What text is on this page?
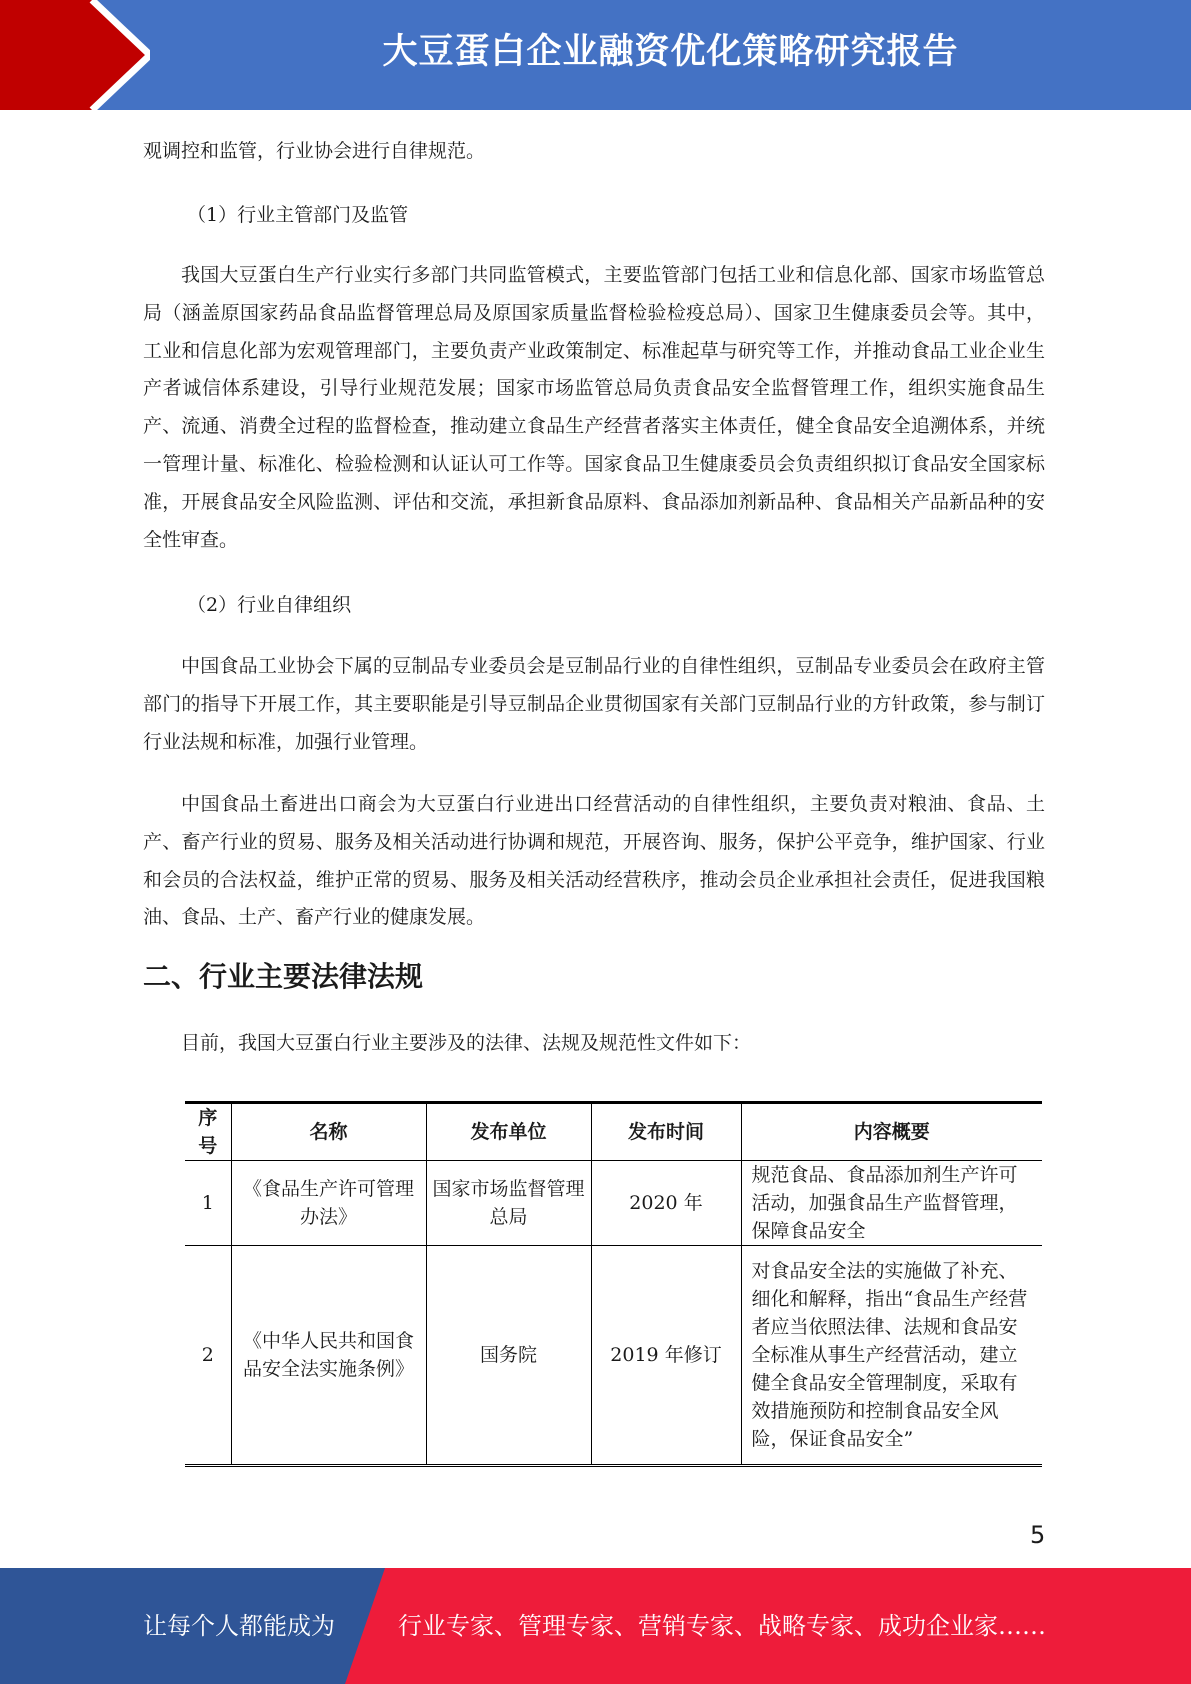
大豆蛋白企业融资优化策略研究报告
观调控和监管，行业协会进行自律规范。
（1）行业主管部门及监管
我国大豆蛋白生产行业实行多部门共同监管模式，主要监管部门包括工业和信息化部、国家市场监管总局（涵盖原国家药品食品监督管理总局及原国家质量监督检验检疫总局）、国家卫生健康委员会等。其中，工业和信息化部为宏观管理部门，主要负责产业政策制定、标准起草与研究等工作，并推动食品工业企业生产者诚信体系建设，引导行业规范发展；国家市场监管总局负责食品安全监督管理工作，组织实施食品生产、流通、消费全过程的监督检查，推动建立食品生产经营者落实主体责任，健全食品安全追溯体系，并统一管理计量、标准化、检验检测和认证认可工作等。国家食品卫生健康委员会负责组织拟订食品安全国家标准，开展食品安全风险监测、评估和交流，承担新食品原料、食品添加剂新品种、食品相关产品新品种的安全性审查。
（2）行业自律组织
中国食品工业协会下属的豆制品专业委员会是豆制品行业的自律性组织，豆制品专业委员会在政府主管部门的指导下开展工作，其主要职能是引导豆制品企业贯彻国家有关部门豆制品行业的方针政策，参与制订行业法规和标准，加强行业管理。
中国食品土畜进出口商会为大豆蛋白行业进出口经营活动的自律性组织，主要负责对粮油、食品、土产、畜产行业的贸易、服务及相关活动进行协调和规范，开展咨询、服务，保护公平竞争，维护国家、行业和会员的合法权益，维护正常的贸易、服务及相关活动经营秩序，推动会员企业承担社会责任，促进我国粮油、食品、土产、畜产行业的健康发展。
二、行业主要法律法规
目前，我国大豆蛋白行业主要涉及的法律、法规及规范性文件如下：
序号	名称	发布单位	发布时间	内容概要
1	《食品生产许可管理办法》	国家市场监督管理总局	2020 年	规范食品、食品添加剂生产许可活动，加强食品生产监督管理，保障食品安全
2	《中华人民共和国食品安全法实施条例》	国务院	2019 年修订	对食品安全法的实施做了补充、细化和解释，指出“食品生产经营者应当依照法律、法规和食品安全标准从事生产经营活动，建立健全食品安全管理制度，采取有效措施预防和控制食品安全风险，保证食品安全”
5
让每个人都能成为	行业专家、管理专家、营销专家、战略专家、成功企业家……
